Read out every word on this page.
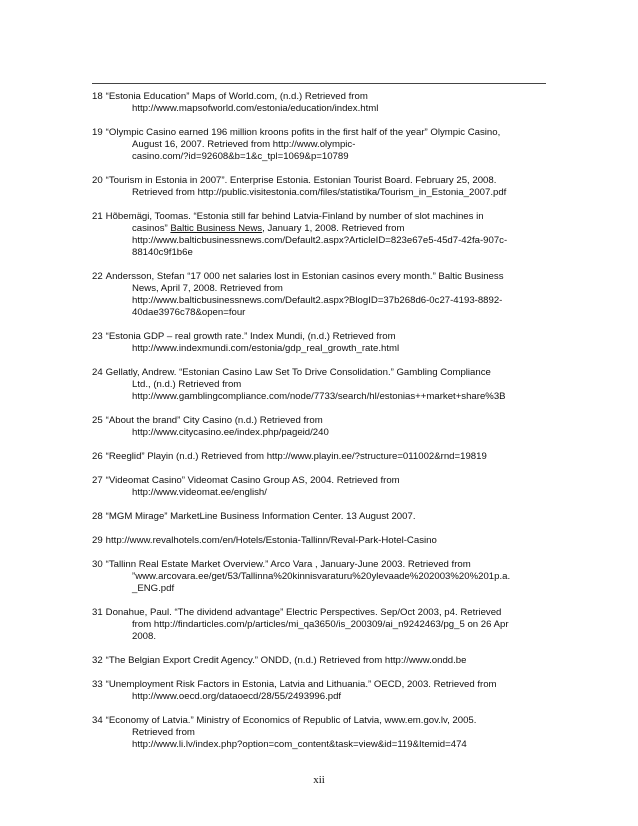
18 “Estonia Education” Maps of World.com, (n.d.) Retrieved from
http://www.mapsofworld.com/estonia/education/index.html
19 “Olympic Casino earned 196 million kroons pofits in the first half of the year” Olympic Casino,
August 16, 2007. Retrieved from http://www.olympic-
casino.com/?id=92608&b=1&c_tpl=1069&p=10789
20 “Tourism in Estonia in 2007”. Enterprise Estonia. Estonian Tourist Board. February 25, 2008.
Retrieved from http://public.visitestonia.com/files/statistika/Tourism_in_Estonia_2007.pdf
21 Hõbemägi, Toomas. “Estonia still far behind Latvia-Finland by number of slot machines in
casinos” Baltic Business News, January 1, 2008. Retrieved from
http://www.balticbusinessnews.com/Default2.aspx?ArticleID=823e67e5-45d7-42fa-907c-
88140c9f1b6e
22 Andersson, Stefan “17 000 net salaries lost in Estonian casinos every month.” Baltic Business
News, April 7, 2008. Retrieved from
http://www.balticbusinessnews.com/Default2.aspx?BlogID=37b268d6-0c27-4193-8892-
40dae3976c78&open=four
23 “Estonia GDP – real growth rate.” Index Mundi, (n.d.) Retrieved from
http://www.indexmundi.com/estonia/gdp_real_growth_rate.html
24 Gellatly, Andrew. “Estonian Casino Law Set To Drive Consolidation.” Gambling Compliance
Ltd., (n.d.) Retrieved from
http://www.gamblingcompliance.com/node/7733/search/hl/estonias++market+share%3B
25 “About the brand” City Casino (n.d.) Retrieved from
http://www.citycasino.ee/index.php/pageid/240
26 “Reeglid” Playin (n.d.) Retrieved from http://www.playin.ee/?structure=011002&rnd=19819
27 “Videomat Casino” Videomat Casino Group AS, 2004. Retrieved from
http://www.videomat.ee/english/
28 “MGM Mirage” MarketLine Business Information Center. 13 August 2007.
29 http://www.revalhotels.com/en/Hotels/Estonia-Tallinn/Reval-Park-Hotel-Casino
30 “Tallinn Real Estate Market Overview.” Arco Vara , January-June 2003. Retrieved from
”www.arcovara.ee/get/53/Tallinna%20kinnisvaraturu%20ylevaade%202003%20%201p.a.
_ENG.pdf
31 Donahue, Paul. “The dividend advantage” Electric Perspectives. Sep/Oct 2003, p4. Retrieved
from http://findarticles.com/p/articles/mi_qa3650/is_200309/ai_n9242463/pg_5 on 26 Apr
2008.
32 “The Belgian Export Credit Agency.” ONDD, (n.d.) Retrieved from http://www.ondd.be
33 “Unemployment Risk Factors in Estonia, Latvia and Lithuania.” OECD, 2003. Retrieved from
http://www.oecd.org/dataoecd/28/55/2493996.pdf
34 “Economy of Latvia.” Ministry of Economics of Republic of Latvia, www.em.gov.lv, 2005.
Retrieved from
http://www.li.lv/index.php?option=com_content&task=view&id=119&Itemid=474
xii
